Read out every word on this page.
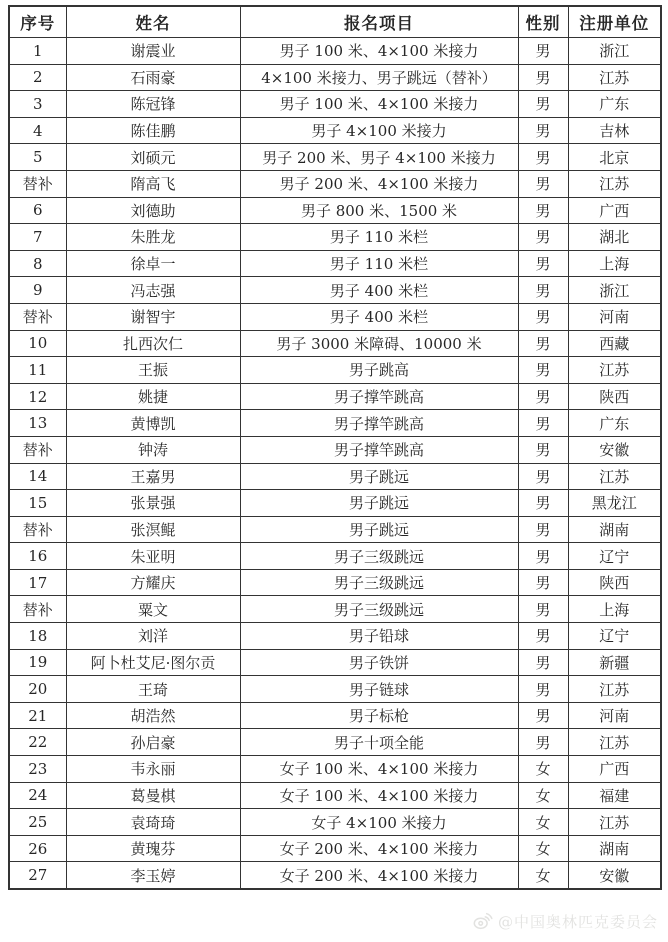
序号	姓名	报名项目	性别	注册单位
1	谢震业	男子 100 米、4×100 米接力	男	浙江
2	石雨豪	4×100 米接力、男子跳远（替补）	男	江苏
3	陈冠锋	男子 100 米、4×100 米接力	男	广东
4	陈佳鹏	男子 4×100 米接力	男	吉林
5	刘硕元	男子 200 米、男子 4×100 米接力	男	北京
替补	隋高飞	男子 200 米、4×100 米接力	男	江苏
6	刘德助	男子 800 米、1500 米	男	广西
7	朱胜龙	男子 110 米栏	男	湖北
8	徐卓一	男子 110 米栏	男	上海
9	冯志强	男子 400 米栏	男	浙江
替补	谢智宇	男子 400 米栏	男	河南
10	扎西次仁	男子 3000 米障碍、10000 米	男	西藏
11	王振	男子跳高	男	江苏
12	姚捷	男子撑竿跳高	男	陕西
13	黄博凯	男子撑竿跳高	男	广东
替补	钟涛	男子撑竿跳高	男	安徽
14	王嘉男	男子跳远	男	江苏
15	张景强	男子跳远	男	黑龙江
替补	张溟鲲	男子跳远	男	湖南
16	朱亚明	男子三级跳远	男	辽宁
17	方耀庆	男子三级跳远	男	陕西
替补	粟文	男子三级跳远	男	上海
18	刘洋	男子铅球	男	辽宁
19	阿卜杜艾尼·图尔贡	男子铁饼	男	新疆
20	王琦	男子链球	男	江苏
21	胡浩然	男子标枪	男	河南
22	孙启豪	男子十项全能	男	江苏
23	韦永丽	女子 100 米、4×100 米接力	女	广西
24	葛曼棋	女子 100 米、4×100 米接力	女	福建
25	袁琦琦	女子 4×100 米接力	女	江苏
26	黄瑰芬	女子 200 米、4×100 米接力	女	湖南
27	李玉婷	女子 200 米、4×100 米接力	女	安徽
@中国奥林匹克委员会
